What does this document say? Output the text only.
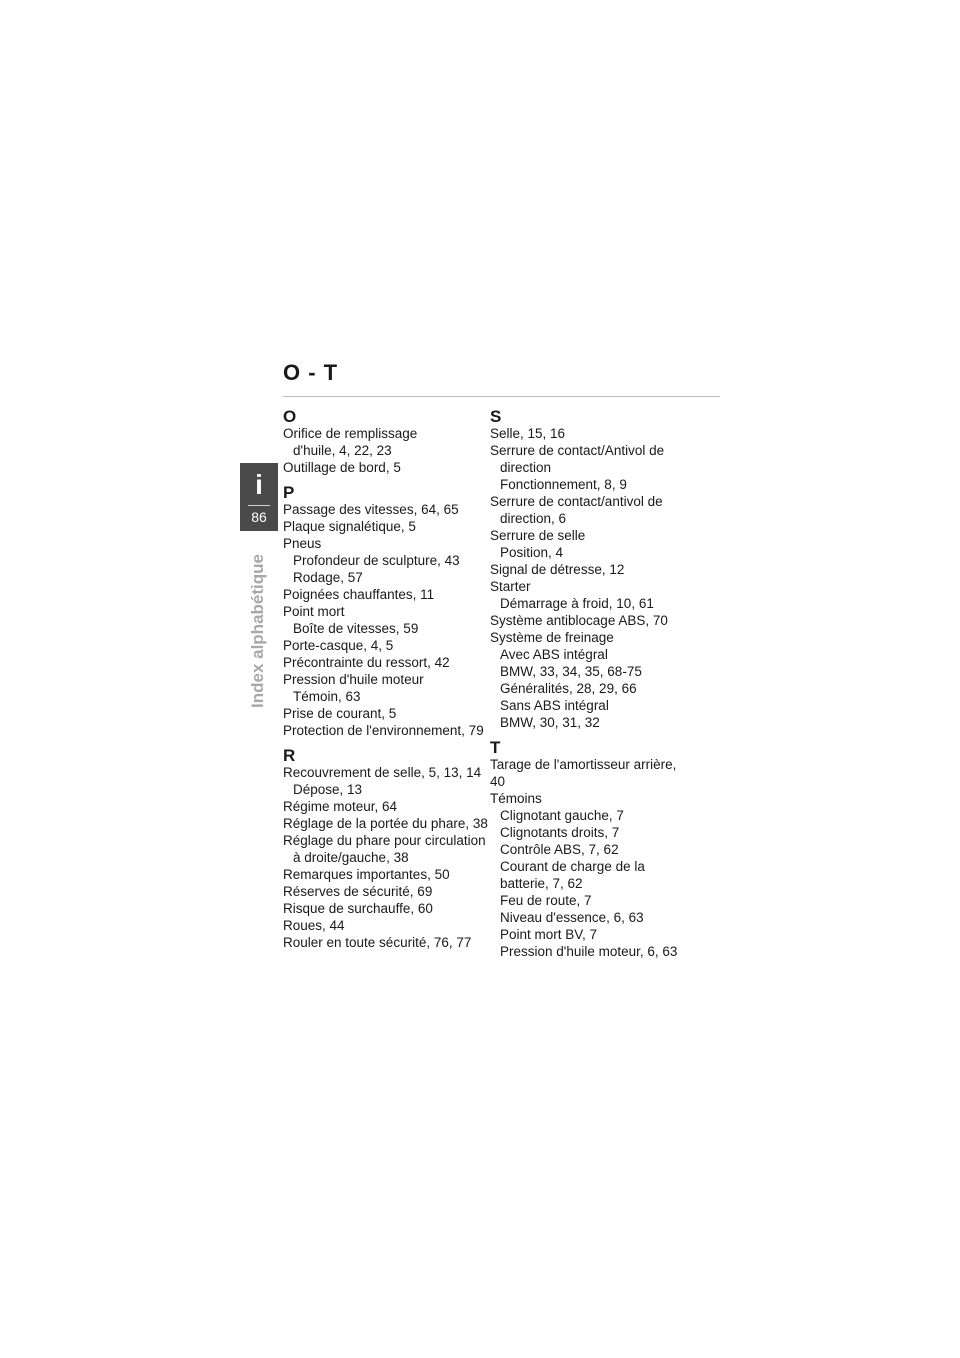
O - T
i
86
Index alphabétique
O
Orifice de remplissage
d'huile, 4, 22, 23
Outillage de bord, 5
P
Passage des vitesses, 64, 65
Plaque signalétique, 5
Pneus
Profondeur de sculpture, 43
Rodage, 57
Poignées chauffantes, 11
Point mort
Boîte de vitesses, 59
Porte-casque, 4, 5
Précontrainte du ressort, 42
Pression d'huile moteur
Témoin, 63
Prise de courant, 5
Protection de l'environnement, 79
R
Recouvrement de selle, 5, 13, 14
Dépose, 13
Régime moteur, 64
Réglage de la portée du phare, 38
Réglage du phare pour circulation
à droite/gauche, 38
Remarques importantes, 50
Réserves de sécurité, 69
Risque de surchauffe, 60
Roues, 44
Rouler en toute sécurité, 76, 77
S
Selle, 15, 16
Serrure de contact/Antivol de
direction
Fonctionnement, 8, 9
Serrure de contact/antivol de
direction, 6
Serrure de selle
Position, 4
Signal de détresse, 12
Starter
Démarrage à froid, 10, 61
Système antiblocage ABS, 70
Système de freinage
Avec ABS intégral
BMW, 33, 34, 35, 68-75
Généralités, 28, 29, 66
Sans ABS intégral
BMW, 30, 31, 32
T
Tarage de l'amortisseur arrière, 40
Témoins
Clignotant gauche, 7
Clignotants droits, 7
Contrôle ABS, 7, 62
Courant de charge de la
batterie, 7, 62
Feu de route, 7
Niveau d'essence, 6, 63
Point mort BV, 7
Pression d'huile moteur, 6, 63
